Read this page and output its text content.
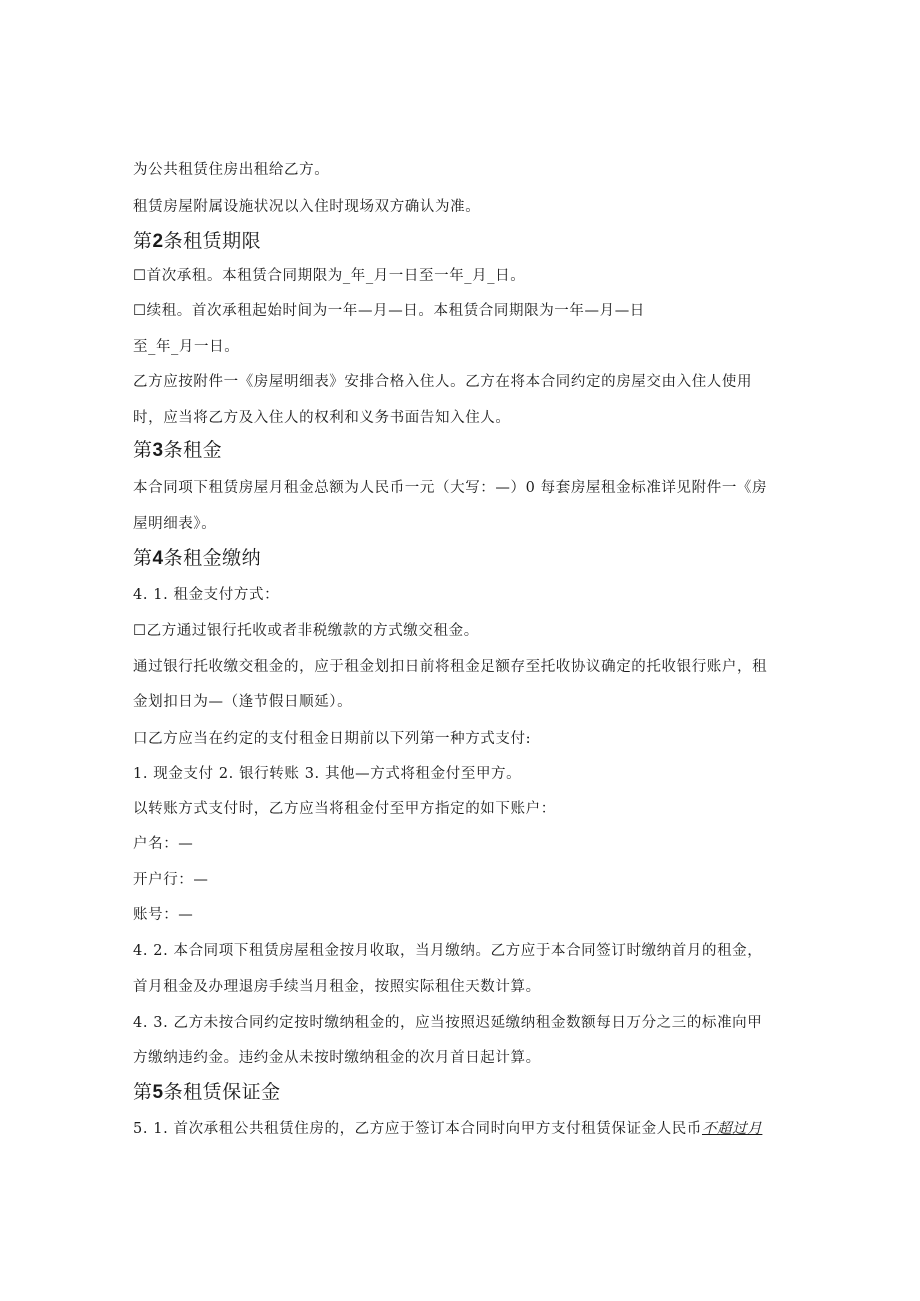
为公共租赁住房出租给乙方。
租赁房屋附属设施状况以入住时现场双方确认为准。
第2条租赁期限
☐首次承租。本租赁合同期限为_年_月一日至一年_月_日。
☐续租。首次承租起始时间为一年—月—日。本租赁合同期限为一年—月—日
至_年_月一日。
乙方应按附件一《房屋明细表》安排合格入住人。乙方在将本合同约定的房屋交由入住人使用
时，应当将乙方及入住人的权利和义务书面告知入住人。
第3条租金
本合同项下租赁房屋月租金总额为人民币一元（大写：—）0 每套房屋租金标准详见附件一《房
屋明细表》。
第4条租金缴纳
4. 1. 租金支付方式：
☐乙方通过银行托收或者非税缴款的方式缴交租金。
通过银行托收缴交租金的，应于租金划扣日前将租金足额存至托收协议确定的托收银行账户，租
金划扣日为—（逢节假日顺延）。
口乙方应当在约定的支付租金日期前以下列第一种方式支付:
1. 现金支付 2. 银行转账 3. 其他—方式将租金付至甲方。
以转账方式支付时，乙方应当将租金付至甲方指定的如下账户：
户名：—
开户行：—
账号：—
4. 2. 本合同项下租赁房屋租金按月收取，当月缴纳。乙方应于本合同签订时缴纳首月的租金，
首月租金及办理退房手续当月租金，按照实际租住天数计算。
4. 3. 乙方未按合同约定按时缴纳租金的，应当按照迟延缴纳租金数额每日万分之三的标准向甲
方缴纳违约金。违约金从未按时缴纳租金的次月首日起计算。
第5条租赁保证金
5. 1. 首次承租公共租赁住房的，乙方应于签订本合同时向甲方支付租赁保证金人民币不超过月
